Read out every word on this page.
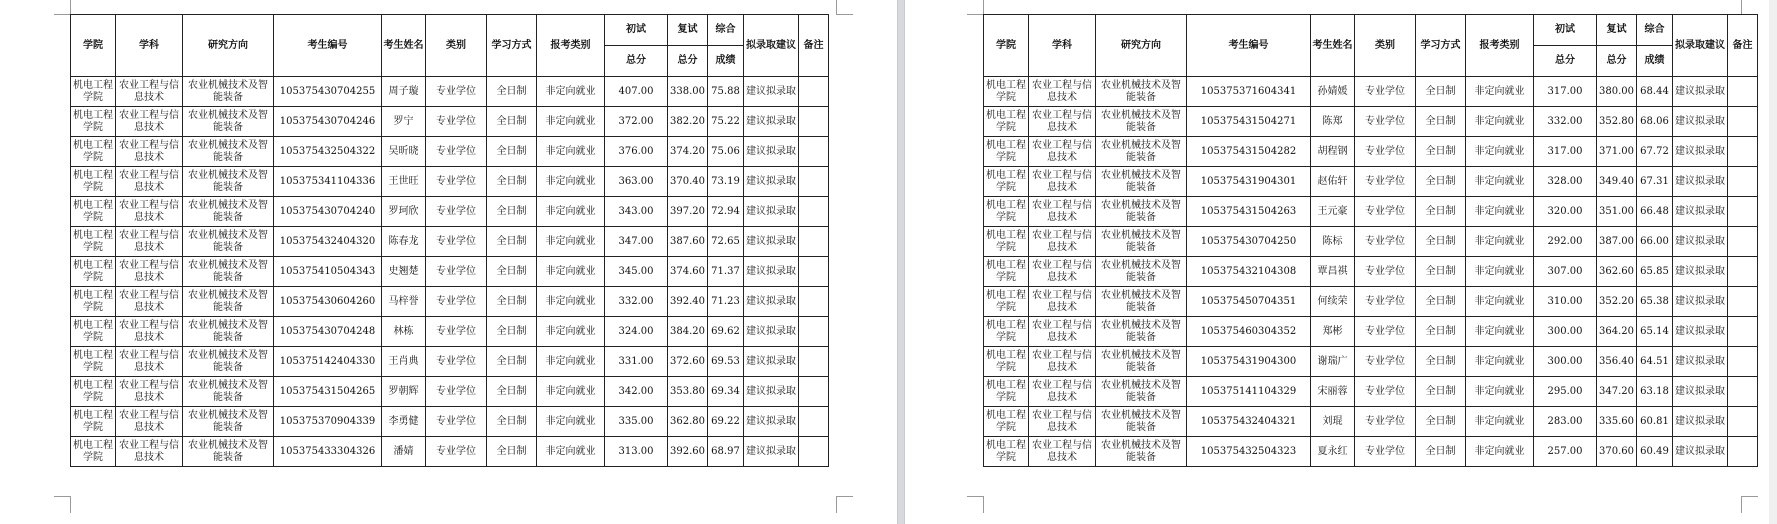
学院	学科	研究方向	考生编号	考生姓名	类别	学习方式	报考类别	初试	复试	综合	拟录取建议	备注
								总分	总分	成绩		
机电工程学院	农业工程与信息技术	农业机械技术及智能装备	105375430704255	周子璇	专业学位	全日制	非定向就业	407.00	338.00	75.88	建议拟录取	
机电工程学院	农业工程与信息技术	农业机械技术及智能装备	105375430704246	罗宁	专业学位	全日制	非定向就业	372.00	382.20	75.22	建议拟录取	
机电工程学院	农业工程与信息技术	农业机械技术及智能装备	105375432504322	吴昕晓	专业学位	全日制	非定向就业	376.00	374.20	75.06	建议拟录取	
机电工程学院	农业工程与信息技术	农业机械技术及智能装备	105375341104336	王世旺	专业学位	全日制	非定向就业	363.00	370.40	73.19	建议拟录取	
机电工程学院	农业工程与信息技术	农业机械技术及智能装备	105375430704240	罗珂欣	专业学位	全日制	非定向就业	343.00	397.20	72.94	建议拟录取	
机电工程学院	农业工程与信息技术	农业机械技术及智能装备	105375432404320	陈春龙	专业学位	全日制	非定向就业	347.00	387.60	72.65	建议拟录取	
机电工程学院	农业工程与信息技术	农业机械技术及智能装备	105375410504343	史翘楚	专业学位	全日制	非定向就业	345.00	374.60	71.37	建议拟录取	
机电工程学院	农业工程与信息技术	农业机械技术及智能装备	105375430604260	马梓誉	专业学位	全日制	非定向就业	332.00	392.40	71.23	建议拟录取	
机电工程学院	农业工程与信息技术	农业机械技术及智能装备	105375430704248	林栋	专业学位	全日制	非定向就业	324.00	384.20	69.62	建议拟录取	
机电工程学院	农业工程与信息技术	农业机械技术及智能装备	105375142404330	王肖典	专业学位	全日制	非定向就业	331.00	372.60	69.53	建议拟录取	
机电工程学院	农业工程与信息技术	农业机械技术及智能装备	105375431504265	罗朝辉	专业学位	全日制	非定向就业	342.00	353.80	69.34	建议拟录取	
机电工程学院	农业工程与信息技术	农业机械技术及智能装备	105375370904339	李勇健	专业学位	全日制	非定向就业	335.00	362.80	69.22	建议拟录取	
机电工程学院	农业工程与信息技术	农业机械技术及智能装备	105375433304326	潘婧	专业学位	全日制	非定向就业	313.00	392.60	68.97	建议拟录取	
学院	学科	研究方向	考生编号	考生姓名	类别	学习方式	报考类别	初试	复试	综合	拟录取建议	备注
								总分	总分	成绩		
机电工程学院	农业工程与信息技术	农业机械技术及智能装备	105375371604341	孙婧媛	专业学位	全日制	非定向就业	317.00	380.00	68.44	建议拟录取	
机电工程学院	农业工程与信息技术	农业机械技术及智能装备	105375431504271	陈郑	专业学位	全日制	非定向就业	332.00	352.80	68.06	建议拟录取	
机电工程学院	农业工程与信息技术	农业机械技术及智能装备	105375431504282	胡程钢	专业学位	全日制	非定向就业	317.00	371.00	67.72	建议拟录取	
机电工程学院	农业工程与信息技术	农业机械技术及智能装备	105375431904301	赵佑轩	专业学位	全日制	非定向就业	328.00	349.40	67.31	建议拟录取	
机电工程学院	农业工程与信息技术	农业机械技术及智能装备	105375431504263	王元豪	专业学位	全日制	非定向就业	320.00	351.00	66.48	建议拟录取	
机电工程学院	农业工程与信息技术	农业机械技术及智能装备	105375430704250	陈标	专业学位	全日制	非定向就业	292.00	387.00	66.00	建议拟录取	
机电工程学院	农业工程与信息技术	农业机械技术及智能装备	105375432104308	覃昌祺	专业学位	全日制	非定向就业	307.00	362.60	65.85	建议拟录取	
机电工程学院	农业工程与信息技术	农业机械技术及智能装备	105375450704351	何续荣	专业学位	全日制	非定向就业	310.00	352.20	65.38	建议拟录取	
机电工程学院	农业工程与信息技术	农业机械技术及智能装备	105375460304352	郑彬	专业学位	全日制	非定向就业	300.00	364.20	65.14	建议拟录取	
机电工程学院	农业工程与信息技术	农业机械技术及智能装备	105375431904300	谢瑞广	专业学位	全日制	非定向就业	300.00	356.40	64.51	建议拟录取	
机电工程学院	农业工程与信息技术	农业机械技术及智能装备	105375141104329	宋丽蓉	专业学位	全日制	非定向就业	295.00	347.20	63.18	建议拟录取	
机电工程学院	农业工程与信息技术	农业机械技术及智能装备	105375432404321	刘琨	专业学位	全日制	非定向就业	283.00	335.60	60.81	建议拟录取	
机电工程学院	农业工程与信息技术	农业机械技术及智能装备	105375432504323	夏永红	专业学位	全日制	非定向就业	257.00	370.60	60.49	建议拟录取	
